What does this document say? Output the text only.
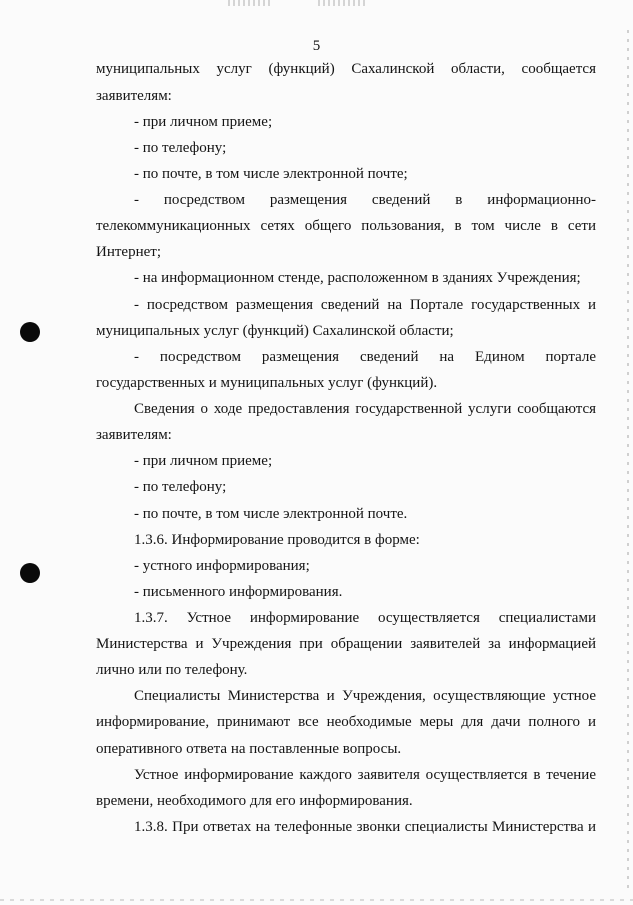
5
муниципальных услуг (функций) Сахалинской области, сообщается
заявителям:
- при личном приеме;
- по телефону;
- по почте, в том числе электронной почте;
- посредством размещения сведений в информационно-
телекоммуникационных сетях общего пользования, в том числе в сети
Интернет;
- на информационном стенде, расположенном в зданиях Учреждения;
- посредством размещения сведений на Портале государственных и
муниципальных услуг (функций) Сахалинской области;
- посредством размещения сведений на Едином портале
государственных и муниципальных услуг (функций).
Сведения о ходе предоставления государственной услуги сообщаются
заявителям:
- при личном приеме;
- по телефону;
- по почте, в том числе электронной почте.
1.3.6. Информирование проводится в форме:
- устного информирования;
- письменного информирования.
1.3.7. Устное информирование осуществляется специалистами
Министерства и Учреждения при обращении заявителей за информацией
лично или по телефону.
Специалисты Министерства и Учреждения, осуществляющие устное
информирование, принимают все необходимые меры для дачи полного и
оперативного ответа на поставленные вопросы.
Устное информирование каждого заявителя осуществляется в течение
времени, необходимого для его информирования.
1.3.8. При ответах на телефонные звонки специалисты Министерства и
